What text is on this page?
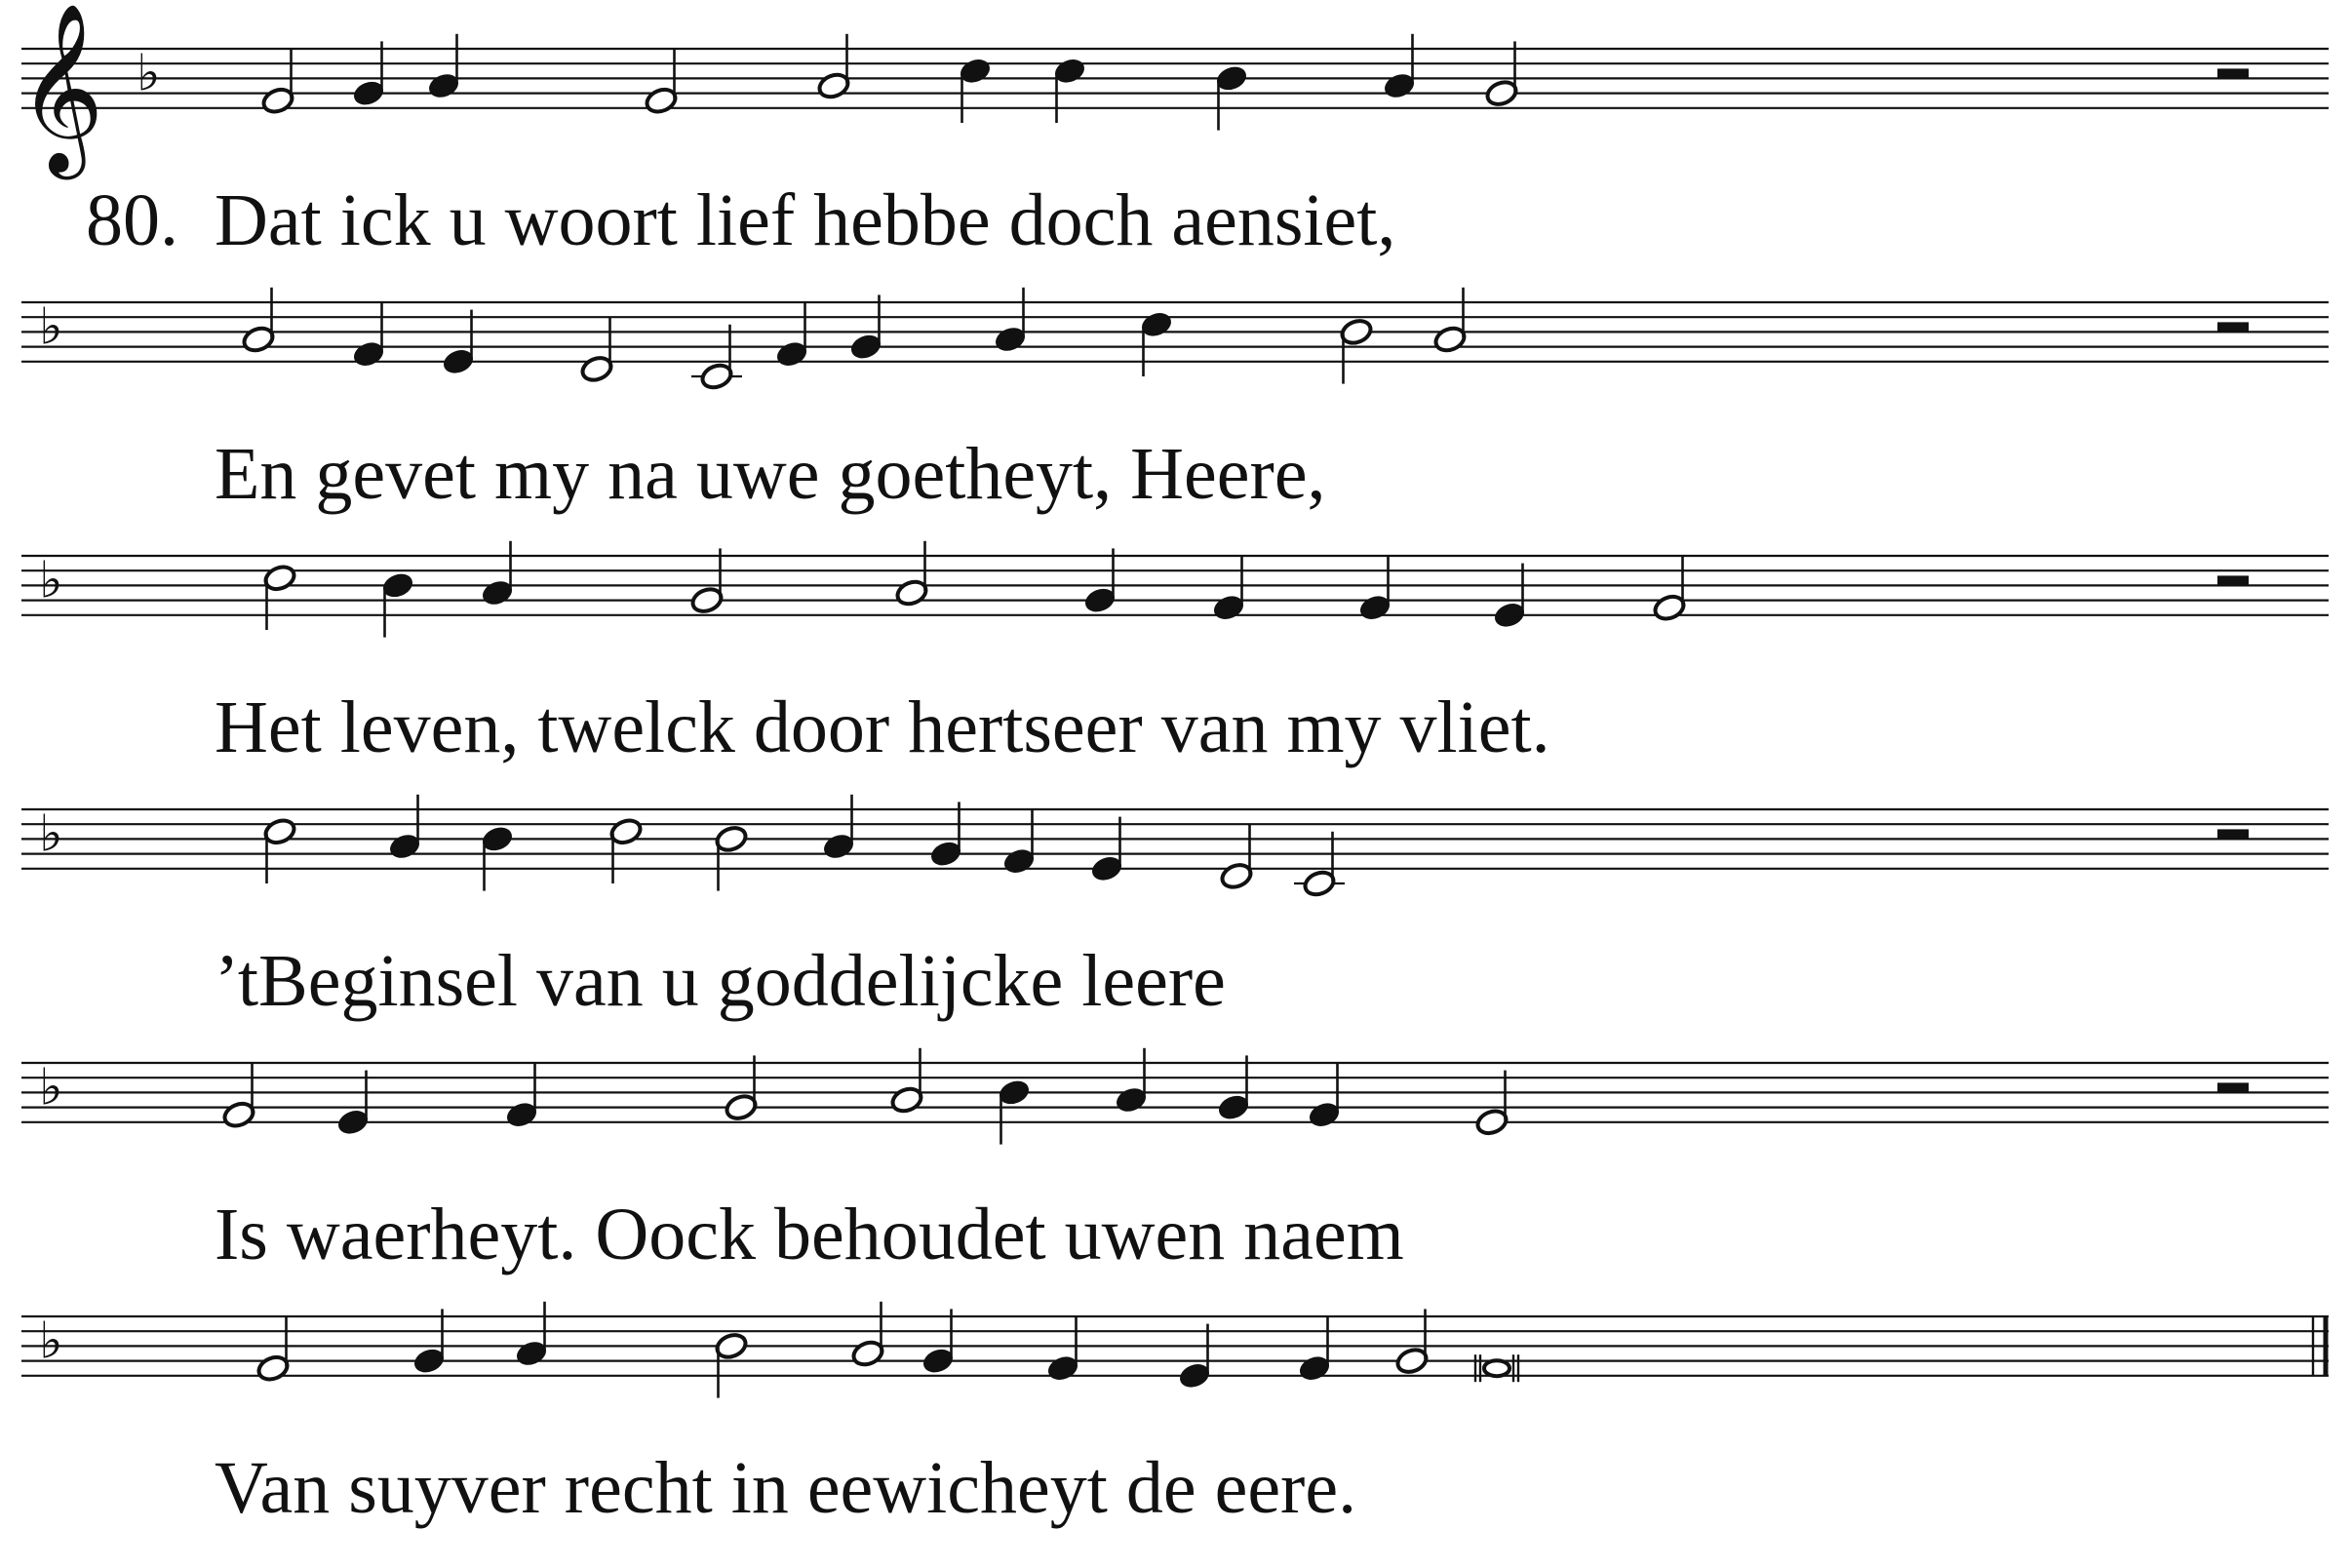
𝄞 ♭
♭
♭
♭
♭
♭
80. Dat ick u woort lief hebbe doch aensiet,
En gevet my na uwe goetheyt, Heere,
Het leven, twelck door hertseer van my vliet.
’tBeginsel van u goddelijcke leere
Is waerheyt. Oock behoudet uwen naem
Van suyver recht in eewicheyt de eere.
